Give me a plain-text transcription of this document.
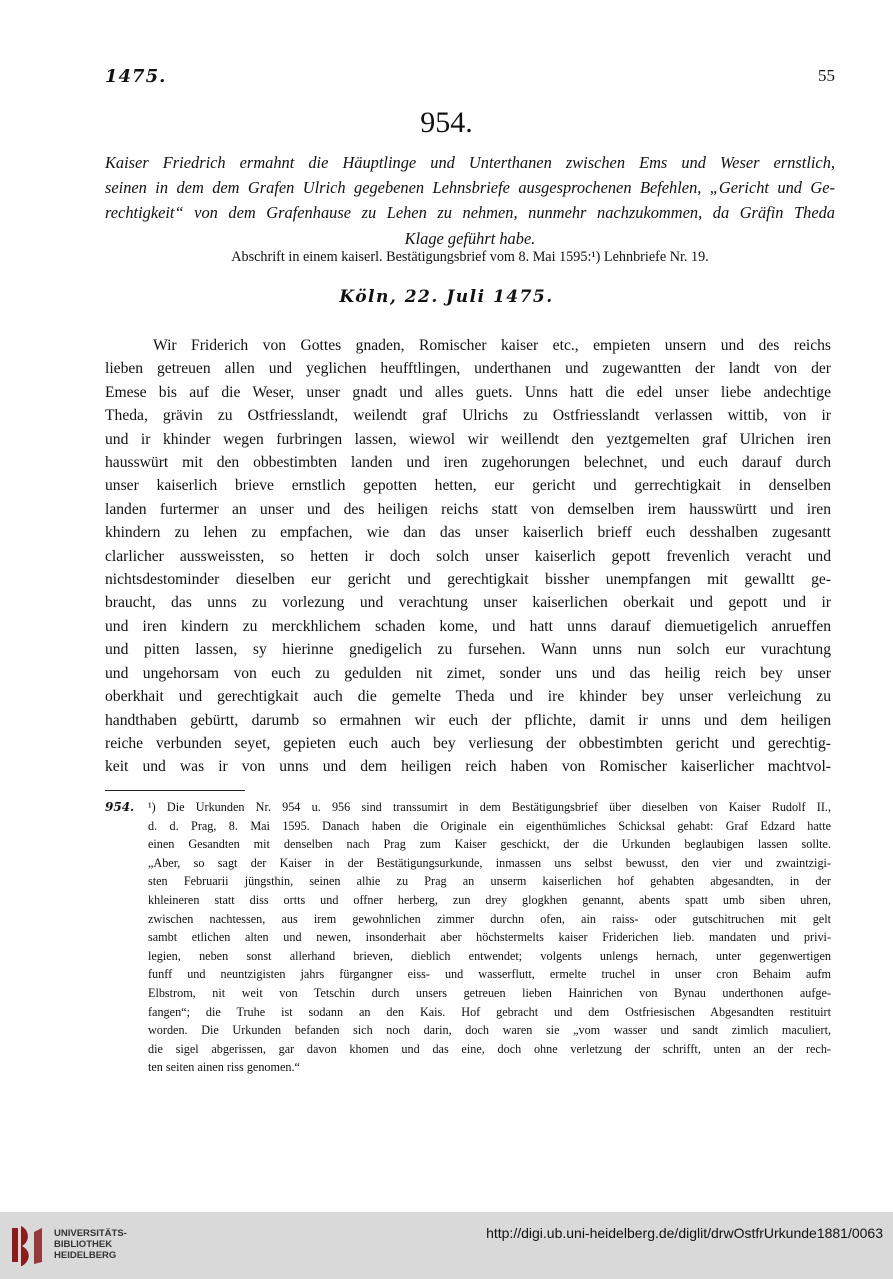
1475.	55
954.
Kaiser Friedrich ermahnt die Häuptlinge und Unterthanen zwischen Ems und Weser ernstlich,
seinen in dem dem Grafen Ulrich gegebenen Lehnsbriefe ausgesprochenen Befehlen, „Gericht und Ge-
rechtigkeit“ von dem Grafenhause zu Lehen zu nehmen, nunmehr nachzukommen, da Gräfin Theda
Klage geführt habe.
Abschrift in einem kaiserl. Bestätigungsbrief vom 8. Mai 1595:¹) Lehnbriefe Nr. 19.
Köln, 22. Juli 1475.
Wir Friderich von Gottes gnaden, Romischer kaiser etc., empieten unsern und des reichs
lieben getreuen allen und yeglichen heufftlingen, underthanen und zugewantten der landt von der
Emese bis auf die Weser, unser gnadt und alles guets. Unns hatt die edel unser liebe andechtige
Theda, grävin zu Ostfriesslandt, weilendt graf Ulrichs zu Ostfriesslandt verlassen wittib, von ir
und ir khinder wegen furbringen lassen, wiewol wir weillendt den yeztgemelten graf Ulrichen iren
hausswürt mit den obbestimbten landen und iren zugehorungen belechnet, und euch darauf durch
unser kaiserlich brieve ernstlich gepotten hetten, eur gericht und gerrechtigkait in denselben
landen furtermer an unser und des heiligen reichs statt von demselben irem hausswürtt und iren
khindern zu lehen zu empfachen, wie dan das unser kaiserlich brieff euch desshalben zugesantt
clarlicher aussweissten, so hetten ir doch solch unser kaiserlich gepott frevenlich veracht und
nichtsdestominder dieselben eur gericht und gerechtigkait bissher unempfangen mit gewalltt ge-
braucht, das unns zu vorlezung und verachtung unser kaiserlichen oberkait und gepott und ir
und iren kindern zu merckhlichem schaden kome, und hatt unns darauf diemuetigelich anrueffen
und pitten lassen, sy hierinne gnedigelich zu fursehen. Wann unns nun solch eur vurachtung
und ungehorsam von euch zu gedulden nit zimet, sonder uns und das heilig reich bey unser
oberkhait und gerechtigkait auch die gemelte Theda und ire khinder bey unser verleichung zu
handthaben gebürtt, darumb so ermahnen wir euch der pflichte, damit ir unns und dem heiligen
reiche verbunden seyet, gepieten euch auch bey verliesung der obbestimbten gericht und gerechtig-
keit und was ir von unns und dem heiligen reich haben von Romischer kaiserlicher machtvol-
954.	¹) Die Urkunden Nr. 954 u. 956 sind transsumirt in dem Bestätigungsbrief über dieselben von Kaiser Rudolf II.,
d. d. Prag, 8. Mai 1595. Danach haben die Originale ein eigenthümliches Schicksal gehabt: Graf Edzard hatte
einen Gesandten mit denselben nach Prag zum Kaiser geschickt, der die Urkunden beglaubigen lassen sollte.
„Aber, so sagt der Kaiser in der Bestätigungsurkunde, inmassen uns selbst bewusst, den vier und zwaintzigi-
sten Februarii jüngsthin, seinen alhie zu Prag an unserm kaiserlichen hof gehabten abgesandten, in der
khleineren statt diss ortts und offner herberg, zun drey glogkhen genannt, abents spatt umb siben uhren,
zwischen nachtessen, aus irem gewohnlichen zimmer durchn ofen, ain raiss- oder gutschitruchen mit gelt
sambt etlichen alten und newen, insonderhait aber höchstermelts kaiser Friderichen lieb. mandaten und privi-
legien, neben sonst allerhand brieven, dieblich entwendet; volgents unlengs hernach, unter gegenwertigen
funff und neuntzigisten jahrs fürgangner eiss- und wasserflutt, ermelte truchel in unser cron Behaim aufm
Elbstrom, nit weit von Tetschin durch unsers getreuen lieben Hainrichen von Bynau underthonen aufge-
fangen“; die Truhe ist sodann an den Kais. Hof gebracht und dem Ostfriesischen Abgesandten restituirt
worden. Die Urkunden befanden sich noch darin, doch waren sie „vom wasser und sandt zimlich maculiert,
die sigel abgerissen, gar davon khomen und das eine, doch ohne verletzung der schrifft, unten an der rech-
ten seiten ainen riss genomen.“
UNIVERSITÄTS-
BIBLIOTHEK
HEIDELBERG
http://digi.ub.uni-heidelberg.de/diglit/drwOstfrUrkunde1881/0063
